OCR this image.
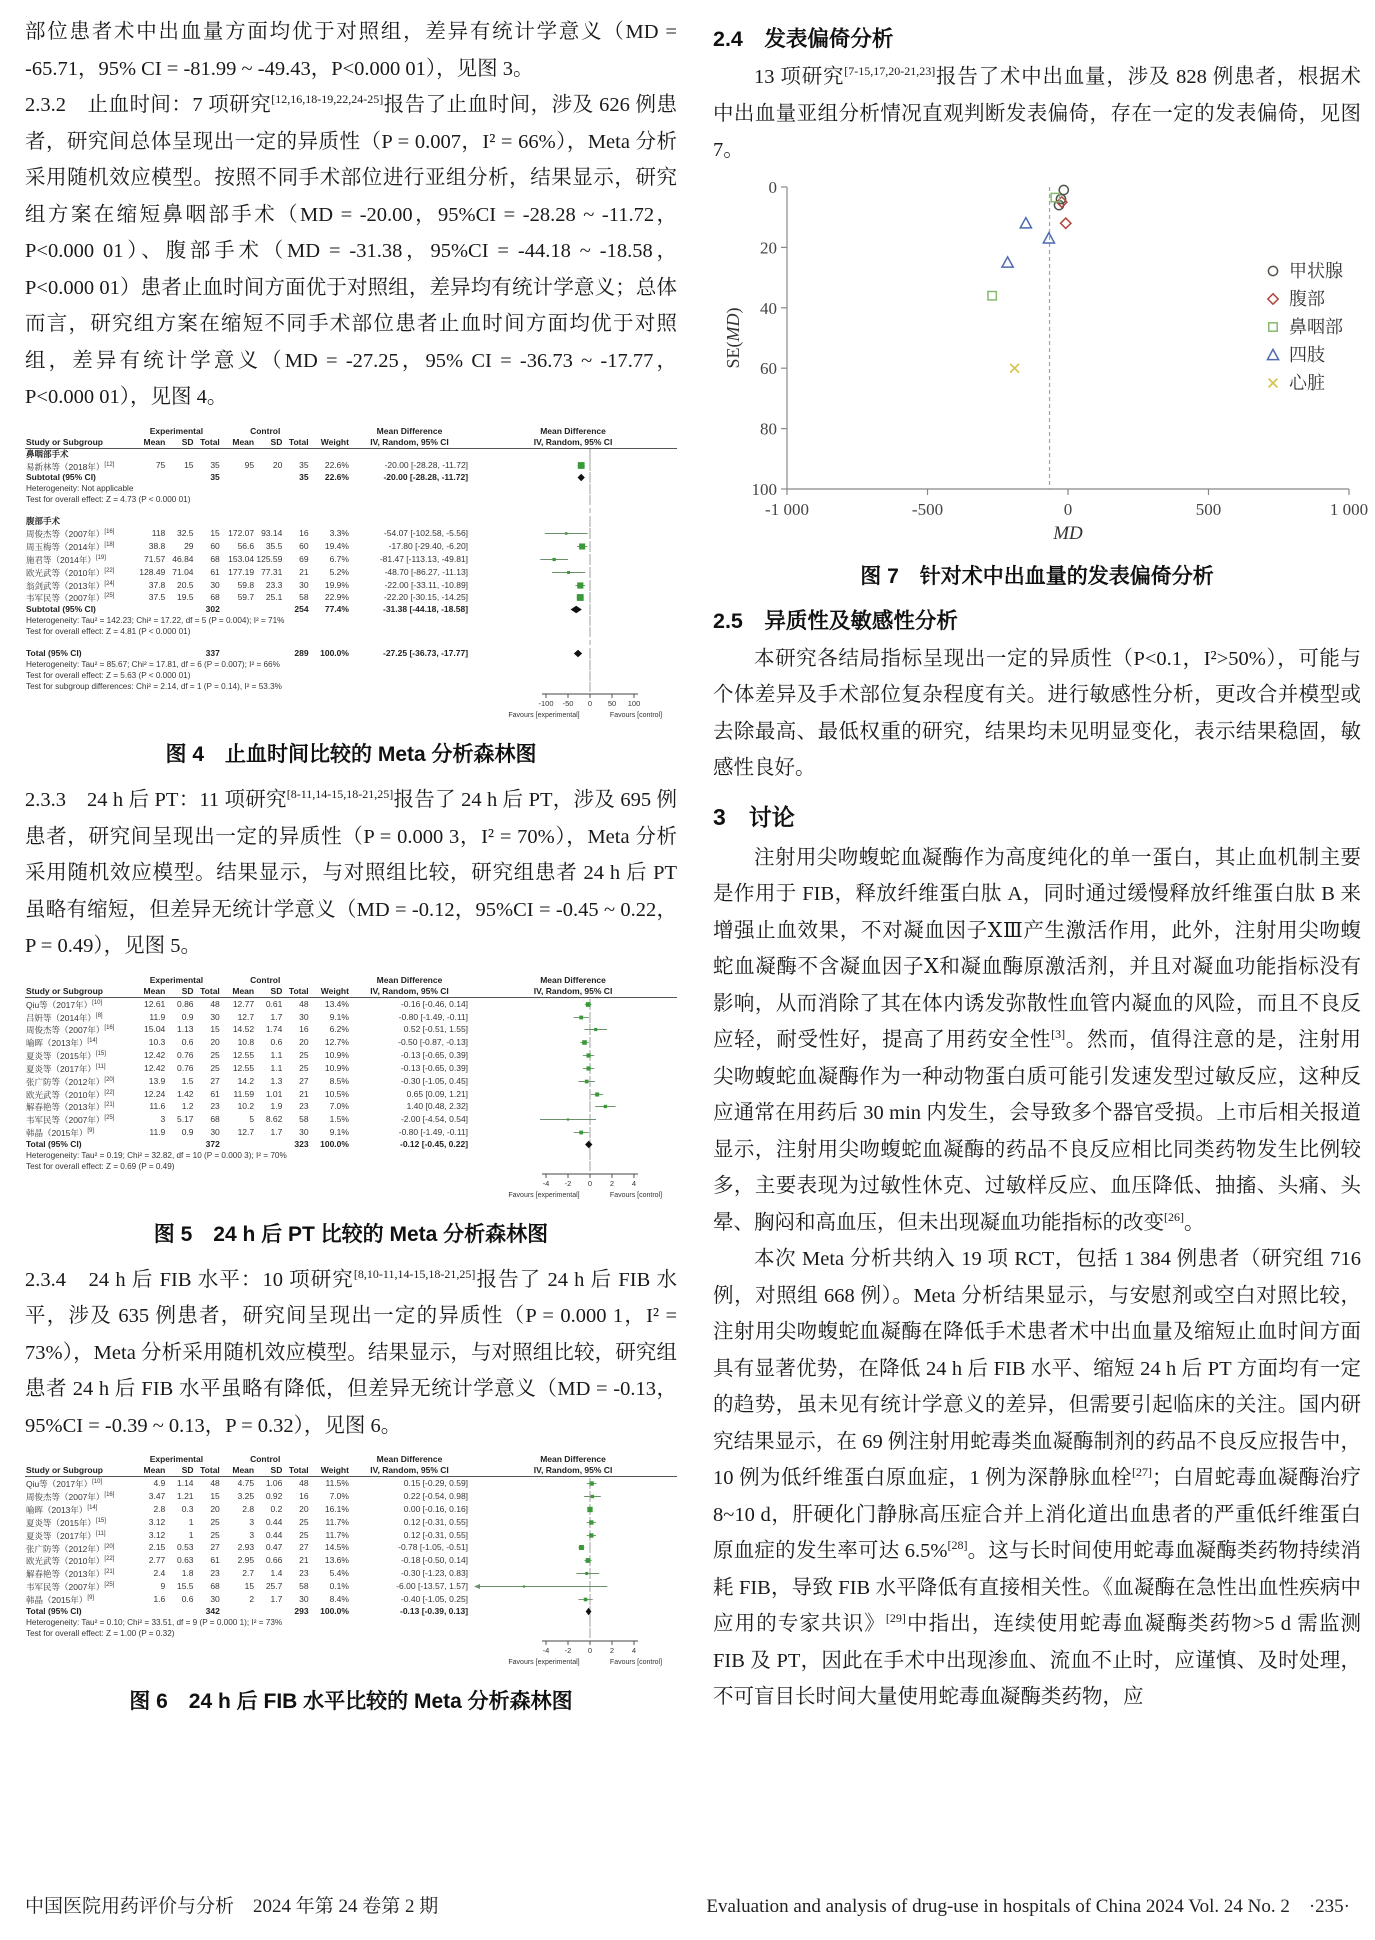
部位患者术中出血量方面均优于对照组，差异有统计学意义（MD = -65.71，95% CI = -81.99 ~ -49.43，P<0.000 01），见图 3。

2.3.2　止血时间：7 项研究[12,16,18-19,22,24-25]报告了止血时间，涉及 626 例患者，研究间总体呈现出一定的异质性（P = 0.007，I² = 66%），Meta 分析采用随机效应模型。按照不同手术部位进行亚组分析，结果显示，研究组方案在缩短鼻咽部手术（MD = -20.00，95%CI = -28.28 ~ -11.72，P<0.000 01）、腹部手术（MD = -31.38，95%CI = -44.18 ~ -18.58，P<0.000 01）患者止血时间方面优于对照组，差异均有统计学意义；总体而言，研究组方案在缩短不同手术部位患者止血时间方面均优于对照组，差异有统计学意义（MD = -27.25，95% CI = -36.73 ~ -17.77，P<0.000 01），见图 4。

	Experimental			Control				Mean Difference	Mean Difference
Study or Subgroup	Mean	SD	Total	Mean	SD	Total	Weight	IV, Random, 95% CI	IV, Random, 95% CI
鼻咽部手术	

易新林等（2018年）[12]	75	15	35	95	20	35	22.6%	-20.00 [-28.28, -11.72]	

Subtotal (95% CI)			35			35	22.6%	-20.00 [-28.28, -11.72]	

Heterogeneity: Not applicable	

Test for overall effect: Z = 4.73 (P < 0.000 01)	

腹部手术	

周俊杰等（2007年）[16]	118	32.5	15	172.07	93.14	16	3.3%	-54.07 [-102.58, -5.56]	

周玉梅等（2014年）[18]	38.8	29	60	56.6	35.5	60	19.4%	-17.80 [-29.40, -6.20]	

施君等（2014年）[19]	71.57	46.84	68	153.04	125.59	69	6.7%	-81.47 [-113.13, -49.81]	

欧光武等（2010年）[22]	128.49	71.04	61	177.19	77.31	21	5.2%	-48.70 [-86.27, -11.13]	

翁剑武等（2013年）[24]	37.8	20.5	30	59.8	23.3	30	19.9%	-22.00 [-33.11, -10.89]	

韦军民等（2007年）[25]	37.5	19.5	68	59.7	25.1	58	22.9%	-22.20 [-30.15, -14.25]	

Subtotal (95% CI)			302			254	77.4%	-31.38 [-44.18, -18.58]	

Heterogeneity: Tau² = 142.23; Chi² = 17.22, df = 5 (P = 0.004); I² = 71%	

Test for overall effect: Z = 4.81 (P < 0.000 01)	

Total (95% CI)			337			289	100.0%	-27.25 [-36.73, -17.77]	

Heterogeneity: Tau² = 85.67; Chi² = 17.81, df = 6 (P = 0.007); I² = 66%	

Test for overall effect: Z = 5.63 (P < 0.000 01)	

Test for subgroup differences: Chi² = 2.14, df = 1 (P = 0.14), I² = 53.3%	

-100 -50 0 50 100
Favours [experimental]	Favours [control]
图 4　止血时间比较的 Meta 分析森林图

2.3.3　24 h 后 PT：11 项研究[8-11,14-15,18-21,25]报告了 24 h 后 PT，涉及 695 例患者，研究间呈现出一定的异质性（P = 0.000 3，I² = 70%），Meta 分析采用随机效应模型。结果显示，与对照组比较，研究组患者 24 h 后 PT 虽略有缩短，但差异无统计学意义（MD = -0.12，95%CI = -0.45 ~ 0.22，P = 0.49），见图 5。

	Experimental			Control				Mean Difference	Mean Difference
Study or Subgroup	Mean	SD	Total	Mean	SD	Total	Weight	IV, Random, 95% CI	IV, Random, 95% CI
Qiu等（2017年）[10]	12.61	0.86	48	12.77	0.61	48	13.4%	-0.16 [-0.46, 0.14]	

吕姸等（2014年）[8]	11.9	0.9	30	12.7	1.7	30	9.1%	-0.80 [-1.49, -0.11]	

周俊杰等（2007年）[16]	15.04	1.13	15	14.52	1.74	16	6.2%	0.52 [-0.51, 1.55]	

喻晖（2013年）[14]	10.3	0.6	20	10.8	0.6	20	12.7%	-0.50 [-0.87, -0.13]	

夏炎等（2015年）[15]	12.42	0.76	25	12.55	1.1	25	10.9%	-0.13 [-0.65, 0.39]	

夏炎等（2017年）[11]	12.42	0.76	25	12.55	1.1	25	10.9%	-0.13 [-0.65, 0.39]	

张广防等（2012年）[20]	13.9	1.5	27	14.2	1.3	27	8.5%	-0.30 [-1.05, 0.45]	

欧光武等（2010年）[22]	12.24	1.42	61	11.59	1.01	21	10.5%	0.65 [0.09, 1.21]	

解春艳等（2013年）[21]	11.6	1.2	23	10.2	1.9	23	7.0%	1.40 [0.48, 2.32]	

韦军民等（2007年）[25]	3	5.17	68	5	8.62	58	1.5%	-2.00 [-4.54, 0.54]	

韩晶（2015年）[9]	11.9	0.9	30	12.7	1.7	30	9.1%	-0.80 [-1.49, -0.11]	

Total (95% CI)			372			323	100.0%	-0.12 [-0.45, 0.22]	

Heterogeneity: Tau² = 0.19; Chi² = 32.82, df = 10 (P = 0.000 3); I² = 70%	

Test for overall effect: Z = 0.69 (P = 0.49)	

-4 -2 0 2 4
Favours [experimental]	Favours [control]
图 5　24 h 后 PT 比较的 Meta 分析森林图

2.3.4　24 h 后 FIB 水平：10 项研究[8,10-11,14-15,18-21,25]报告了 24 h 后 FIB 水平，涉及 635 例患者，研究间呈现出一定的异质性（P = 0.000 1，I² = 73%），Meta 分析采用随机效应模型。结果显示，与对照组比较，研究组患者 24 h 后 FIB 水平虽略有降低，但差异无统计学意义（MD = -0.13，95%CI = -0.39 ~ 0.13，P = 0.32），见图 6。

	Experimental			Control				Mean Difference	Mean Difference
Study or Subgroup	Mean	SD	Total	Mean	SD	Total	Weight	IV, Random, 95% CI	IV, Random, 95% CI
Qiu等（2017年）[10]	4.9	1.14	48	4.75	1.06	48	11.5%	0.15 [-0.29, 0.59]	

周俊杰等（2007年）[16]	3.47	1.21	15	3.25	0.92	16	7.0%	0.22 [-0.54, 0.98]	

喻晖（2013年）[14]	2.8	0.3	20	2.8	0.2	20	16.1%	0.00 [-0.16, 0.16]	

夏炎等（2015年）[15]	3.12	1	25	3	0.44	25	11.7%	0.12 [-0.31, 0.55]	

夏炎等（2017年）[11]	3.12	1	25	3	0.44	25	11.7%	0.12 [-0.31, 0.55]	

张广防等（2012年）[20]	2.15	0.53	27	2.93	0.47	27	14.5%	-0.78 [-1.05, -0.51]	

欧光武等（2010年）[22]	2.77	0.63	61	2.95	0.66	21	13.6%	-0.18 [-0.50, 0.14]	

解春艳等（2013年）[21]	2.4	1.8	23	2.7	1.4	23	5.4%	-0.30 [-1.23, 0.83]	

韦军民等（2007年）[25]	9	15.5	68	15	25.7	58	0.1%	-6.00 [-13.57, 1.57]	

韩晶（2015年）[9]	1.6	0.6	30	2	1.7	30	8.4%	-0.40 [-1.05, 0.25]	

Total (95% CI)			342			293	100.0%	-0.13 [-0.39, 0.13]	

Heterogeneity: Tau² = 0.10; Chi² = 33.51, df = 9 (P = 0.000 1); I² = 73%	

Test for overall effect: Z = 1.00 (P = 0.32)	

-4 -2 0 2 4
Favours [experimental]	Favours [control]
图 6　24 h 后 FIB 水平比较的 Meta 分析森林图
2.4　发表偏倚分析

13 项研究[7-15,17,20-21,23]报告了术中出血量，涉及 828 例患者，根据术中出血量亚组分析情况直观判断发表偏倚，存在一定的发表偏倚，见图 7。

0
20
40
60
80
100
-1 000	-500	0	500	1 000
MD
SE(MD)
甲状腺
腹部
鼻咽部
四肢
心脏
图 7　针对术中出血量的发表偏倚分析
2.5　异质性及敏感性分析

本研究各结局指标呈现出一定的异质性（P<0.1，I²>50%），可能与个体差异及手术部位复杂程度有关。进行敏感性分析，更改合并模型或去除最高、最低权重的研究，结果均未见明显变化，表示结果稳固，敏感性良好。

3　讨论

注射用尖吻蝮蛇血凝酶作为高度纯化的单一蛋白，其止血机制主要是作用于 FIB，释放纤维蛋白肽 A，同时通过缓慢释放纤维蛋白肽 B 来增强止血效果，不对凝血因子ⅩⅢ产生激活作用，此外，注射用尖吻蝮蛇血凝酶不含凝血因子Ⅹ和凝血酶原激活剂，并且对凝血功能指标没有影响，从而消除了其在体内诱发弥散性血管内凝血的风险，而且不良反应轻，耐受性好，提高了用药安全性[3]。然而，值得注意的是，注射用尖吻蝮蛇血凝酶作为一种动物蛋白质可能引发速发型过敏反应，这种反应通常在用药后 30 min 内发生，会导致多个器官受损。上市后相关报道显示，注射用尖吻蝮蛇血凝酶的药品不良反应相比同类药物发生比例较多，主要表现为过敏性休克、过敏样反应、血压降低、抽搐、头痛、头晕、胸闷和高血压，但未出现凝血功能指标的改变[26]。

本次 Meta 分析共纳入 19 项 RCT，包括 1 384 例患者（研究组 716 例，对照组 668 例）。Meta 分析结果显示，与安慰剂或空白对照比较，注射用尖吻蝮蛇血凝酶在降低手术患者术中出血量及缩短止血时间方面具有显著优势，在降低 24 h 后 FIB 水平、缩短 24 h 后 PT 方面均有一定的趋势，虽未见有统计学意义的差异，但需要引起临床的关注。国内研究结果显示，在 69 例注射用蛇毒类血凝酶制剂的药品不良反应报告中，10 例为低纤维蛋白原血症，1 例为深静脉血栓[27]；白眉蛇毒血凝酶治疗 8~10 d，肝硬化门静脉高压症合并上消化道出血患者的严重低纤维蛋白原血症的发生率可达 6.5%[28]。这与长时间使用蛇毒血凝酶类药物持续消耗 FIB，导致 FIB 水平降低有直接相关性。《血凝酶在急性出血性疾病中应用的专家共识》[29]中指出，连续使用蛇毒血凝酶类药物>5 d 需监测 FIB 及 PT，因此在手术中出现渗血、流血不止时，应谨慎、及时处理，不可盲目长时间大量使用蛇毒血凝酶类药物，应

中国医院用药评价与分析　2024 年第 24 卷第 2 期	Evaluation and analysis of drug-use in hospitals of China 2024 Vol. 24 No. 2　·235·
